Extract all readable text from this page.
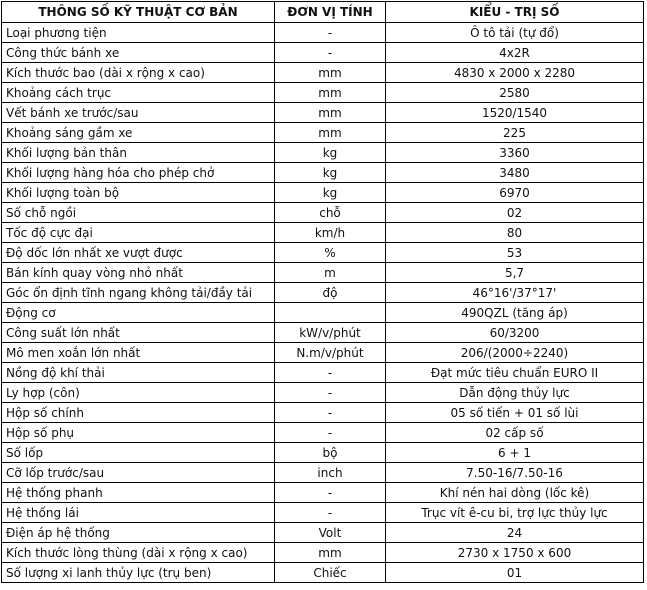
THÔNG SỐ KỸ THUẬT CƠ BẢN	ĐƠN VỊ TÍNH	KIỂU - TRỊ SỐ
Loại phương tiện	-	Ô tô tải (tự đổ)
Công thức bánh xe	-	4x2R
Kích thước bao (dài x rộng x cao)	mm	4830 x 2000 x 2280
Khoảng cách trục	mm	2580
Vết bánh xe trước/sau	mm	1520/1540
Khoảng sáng gầm xe	mm	225
Khối lượng bản thân	kg	3360
Khối lượng hàng hóa cho phép chở	kg	3480
Khối lượng toàn bộ	kg	6970
Số chỗ ngồi	chỗ	02
Tốc độ cực đại	km/h	80
Độ dốc lớn nhất xe vượt được	%	53
Bán kính quay vòng nhỏ nhất	m	5,7
Góc ổn định tĩnh ngang không tải/đầy tải	độ	46°16'/37°17'
Động cơ		490QZL (tăng áp)
Công suất lớn nhất	kW/v/phút	60/3200
Mô men xoắn lớn nhất	N.m/v/phút	206/(2000÷2240)
Nồng độ khí thải	-	Đạt mức tiêu chuẩn EURO II
Ly hợp (côn)	-	Dẫn động thủy lực
Hộp số chính	-	05 số tiến + 01 số lùi
Hộp số phụ	-	02 cấp số
Số lốp	bộ	6 + 1
Cỡ lốp trước/sau	inch	7.50-16/7.50-16
Hệ thống phanh	-	Khí nén hai dòng (lốc kê)
Hệ thống lái	-	Trục vít ê-cu bi, trợ lực thủy lực
Điện áp hệ thống	Volt	24
Kích thước lòng thùng (dài x rộng x cao)	mm	2730 x 1750 x 600
Số lượng xi lanh thủy lực (trụ ben)	Chiếc	01
